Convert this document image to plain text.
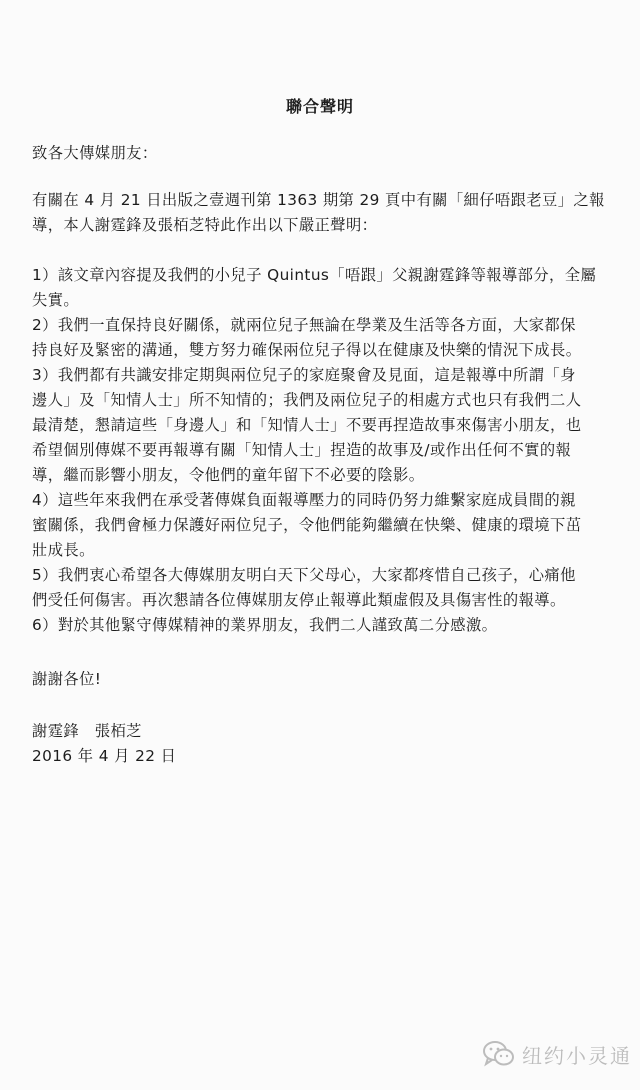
聯合聲明
致各大傳媒朋友：
有關在 4 月 21 日出版之壹週刊第 1363 期第 29 頁中有關「細仔唔跟老豆」之報
導，本人謝霆鋒及張栢芝特此作出以下嚴正聲明：
1）該文章內容提及我們的小兒子 Quintus「唔跟」父親謝霆鋒等報導部分，全屬
失實。
2）我們一直保持良好關係，就兩位兒子無論在學業及生活等各方面，大家都保
持良好及緊密的溝通，雙方努力確保兩位兒子得以在健康及快樂的情況下成長。
3）我們都有共識安排定期與兩位兒子的家庭聚會及見面，這是報導中所謂「身
邊人」及「知情人士」所不知情的；我們及兩位兒子的相處方式也只有我們二人
最清楚，懇請這些「身邊人」和「知情人士」不要再捏造故事來傷害小朋友，也
希望個別傳媒不要再報導有關「知情人士」捏造的故事及/或作出任何不實的報
導，繼而影響小朋友，令他們的童年留下不必要的陰影。
4）這些年來我們在承受著傳媒負面報導壓力的同時仍努力維繫家庭成員間的親
蜜關係，我們會極力保護好兩位兒子，令他們能夠繼續在快樂、健康的環境下茁
壯成長。
5）我們衷心希望各大傳媒朋友明白天下父母心，大家都疼惜自己孩子，心痛他
們受任何傷害。再次懇請各位傳媒朋友停止報導此類虛假及具傷害性的報導。
6）對於其他緊守傳媒精神的業界朋友，我們二人謹致萬二分感激。
謝謝各位!
謝霆鋒　張栢芝
2016 年 4 月 22 日
纽约小灵通
